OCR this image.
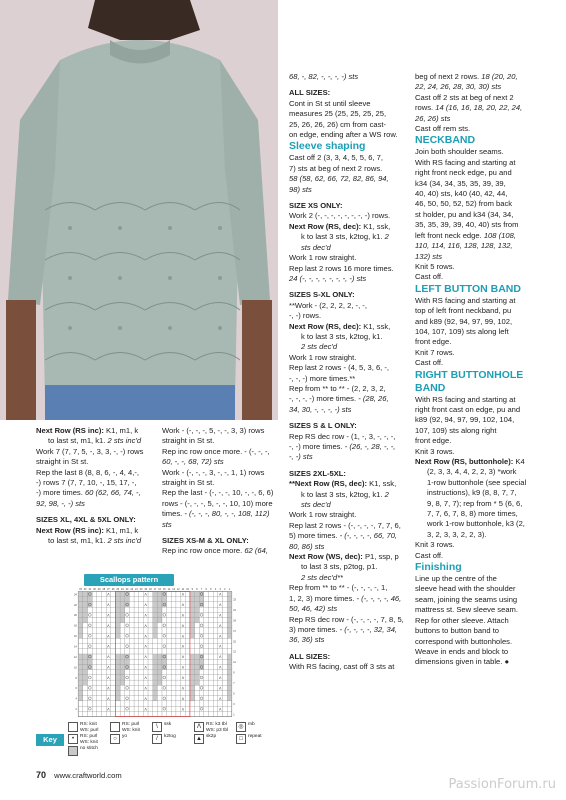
Next Row (RS inc): K1, m1, k

to last st, m1, k1. 2 sts inc'd

Work 7 (7, 7, 5, -, 3, 3, -, -) rows

straight in St st.

Rep the last 8 (8, 8, 6, -, 4, 4,-,

-) rows 7 (7, 7, 10, -, 15, 17, -,

-) more times. 60 (62, 66, 74, -,

92, 98, -, -) sts

SIZES XL, 4XL & 5XL ONLY:

Next Row (RS inc): K1, m1, k

to last st, m1, k1. 2 sts inc'd

Work - (-, -, -, 5, -, -, 3, 3) rows

straight in St st.

Rep inc row once more. - (-, -, -,

60, -, -, 68, 72) sts

Work - (-, -, -, 3, -, -, 1, 1) rows

straight in St st.

Rep the last - (-, -, -, 10, -, -, 6, 6)

rows - (-, -, -, 5, -, -, 10, 10) more

times. - (-, -, -, 80, -, -, 108, 112) sts

SIZES XS-M & XL ONLY:

Rep inc row once more. 62 (64,

68, -, 82, -, -, -, -) sts

ALL SIZES:

Cont in St st until sleeve

measures 25 (25, 25, 25, 25,

25, 26, 26, 26) cm from cast-

on edge, ending after a WS row.

Sleeve shaping

Cast off 2 (3, 3, 4, 5, 5, 6, 7,

7) sts at beg of next 2 rows.

58 (58, 62, 66, 72, 82, 86, 94,

98) sts

SIZE XS ONLY:

Work 2 (-, -, -, -, -, -, -, -) rows.

Next Row (RS, dec): K1, ssk,

k to last 3 sts, k2tog, k1. 2

sts dec'd

Work 1 row straight.

Rep last 2 rows 16 more times.

24 (-, -, -, -, -, -, -, -) sts

SIZES S-XL ONLY:

**Work - (2, 2, 2, 2, -, -,

-, -) rows.

Next Row (RS, dec): K1, ssk,

k to last 3 sts, k2tog, k1.

2 sts dec'd

Work 1 row straight.

Rep last 2 rows - (4, 5, 3, 6, -,

-, -, -) more times.**

Rep from ** to ** - (2, 2, 3, 2,

-, -, -, -) more times. - (28, 26,

34, 30, -, -, -, -) sts

SIZES S & L ONLY:

Rep RS dec row - (1, -, 3, -, -, -,

-, -) more times. - (26, -, 28, -, -,

-, -) sts

SIZES 2XL-5XL:

**Next Row (RS, dec): K1, ssk,

k to last 3 sts, k2tog, k1. 2

sts dec'd

Work 1 row straight.

Rep last 2 rows - (-, -, -, -, 7, 7, 6,

5) more times. - (-, -, -, -, 66, 70,

80, 86) sts

Next Row (WS, dec): P1, ssp, p

to last 3 sts, p2tog, p1.

2 sts dec'd**

Rep from ** to ** - (-, -, -, -, 1,

1, 2, 3) more times. - (-, -, -, -, 46,

50, 46, 42) sts

Rep RS dec row - (-, -, -, -, 7, 8, 5,

3) more times. - (-, -, -, -, 32, 34,

36, 36) sts

ALL SIZES:

With RS facing, cast off 3 sts at

beg of next 2 rows. 18 (20, 20,

22, 24, 26, 28, 30, 30) sts

Cast off 2 sts at beg of next 2

rows. 14 (16, 16, 18, 20, 22, 24,

26, 26) sts

Cast off rem sts.

NECKBAND

Join both shoulder seams.

With RS facing and starting at

right front neck edge, pu and

k34 (34, 34, 35, 35, 39, 39,

40, 40) sts, k40 (40, 42, 44,

46, 50, 50, 52, 52) from back

st holder, pu and k34 (34, 34,

35, 35, 39, 39, 40, 40) sts from

left front neck edge. 108 (108,

110, 114, 116, 128, 128, 132,

132) sts

Knit 5 rows.

Cast off.

LEFT BUTTON BAND

With RS facing and starting at

top of left front neckband, pu

and k89 (92, 94, 97, 99, 102,

104, 107, 109) sts along left

front edge.

Knit 7 rows.

Cast off.

RIGHT BUTTONHOLE

BAND

With RS facing and starting at

right front cast on edge, pu and

k89 (92, 94, 97, 99, 102, 104,

107, 109) sts along right

front edge.

Knit 3 rows.

Next Row (RS, buttonhole): K4

(2, 3, 3, 4, 4, 2, 2, 3) *work

1-row buttonhole (see special

instructions), k9 (8, 8, 7, 7,

9, 8, 7, 7); rep from * 5 (6, 6,

7, 7, 6, 7, 8, 8) more times,

work 1-row buttonhole, k3 (2,

3, 2, 3, 3, 2, 2, 3).

Knit 3 rows.

Cast off.

Finishing

Line up the centre of the

sleeve head with the shoulder

seam, joining the seams using

mattress st. Sew sleeve seam.

Rep for other sleeve. Attach

buttons to button band to

correspond with buttonholes.

Weave in ends and block to

dimensions given in table. ●

Scallops pattern
Λ	Λ	Λ	Λ
Λ	Λ	Λ	Λ
Λ	Λ	Λ	Λ
Λ	Λ	Λ	Λ
Λ	Λ	Λ	Λ
Λ	Λ	Λ	Λ
Λ	Λ	Λ	Λ
Λ	Λ	Λ	Λ
Λ	Λ	Λ	Λ
Λ	Λ	Λ	Λ
Λ	Λ	Λ	Λ
Λ	Λ	Λ	Λ
33 32 31 30 29 28 27 26 25 24 23 22 21 20 19 18 17 16 15 14 13 12 11 10 9 8 7 6 5 4 3 2 1
24
23
22
21
20
19
18
17
16
15
14
13
12
11
10
9
8
7
6
5
4
3
2
1
Key
RS: knit
WS: purl
RS: purl
WS: knit
\ ssk	Λ RS: k3 tbl
WS: p3 tbl
◎ mb
• RS: purl
WS: knit
○ yo	/ k2tog	▲ sk2p	□ repeat
no stitch
70 www.craftworld.com
PassionForum.ru
